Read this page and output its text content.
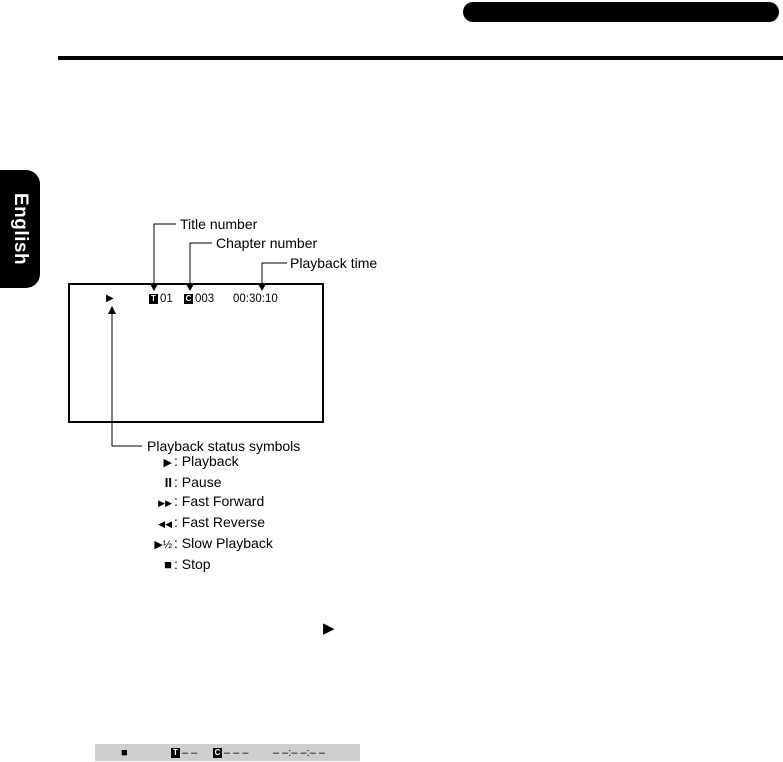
English	Title number
Chapter number
Playback time
Playback status symbols
▶	T 01 C 003 00:30:10
▶ : Playback
II : Pause
▶▶ : Fast Forward
◀◀ : Fast Reverse
▶½ : Slow Playback
■ : Stop
▶
■	T – – C – – – – –:– –:– –
